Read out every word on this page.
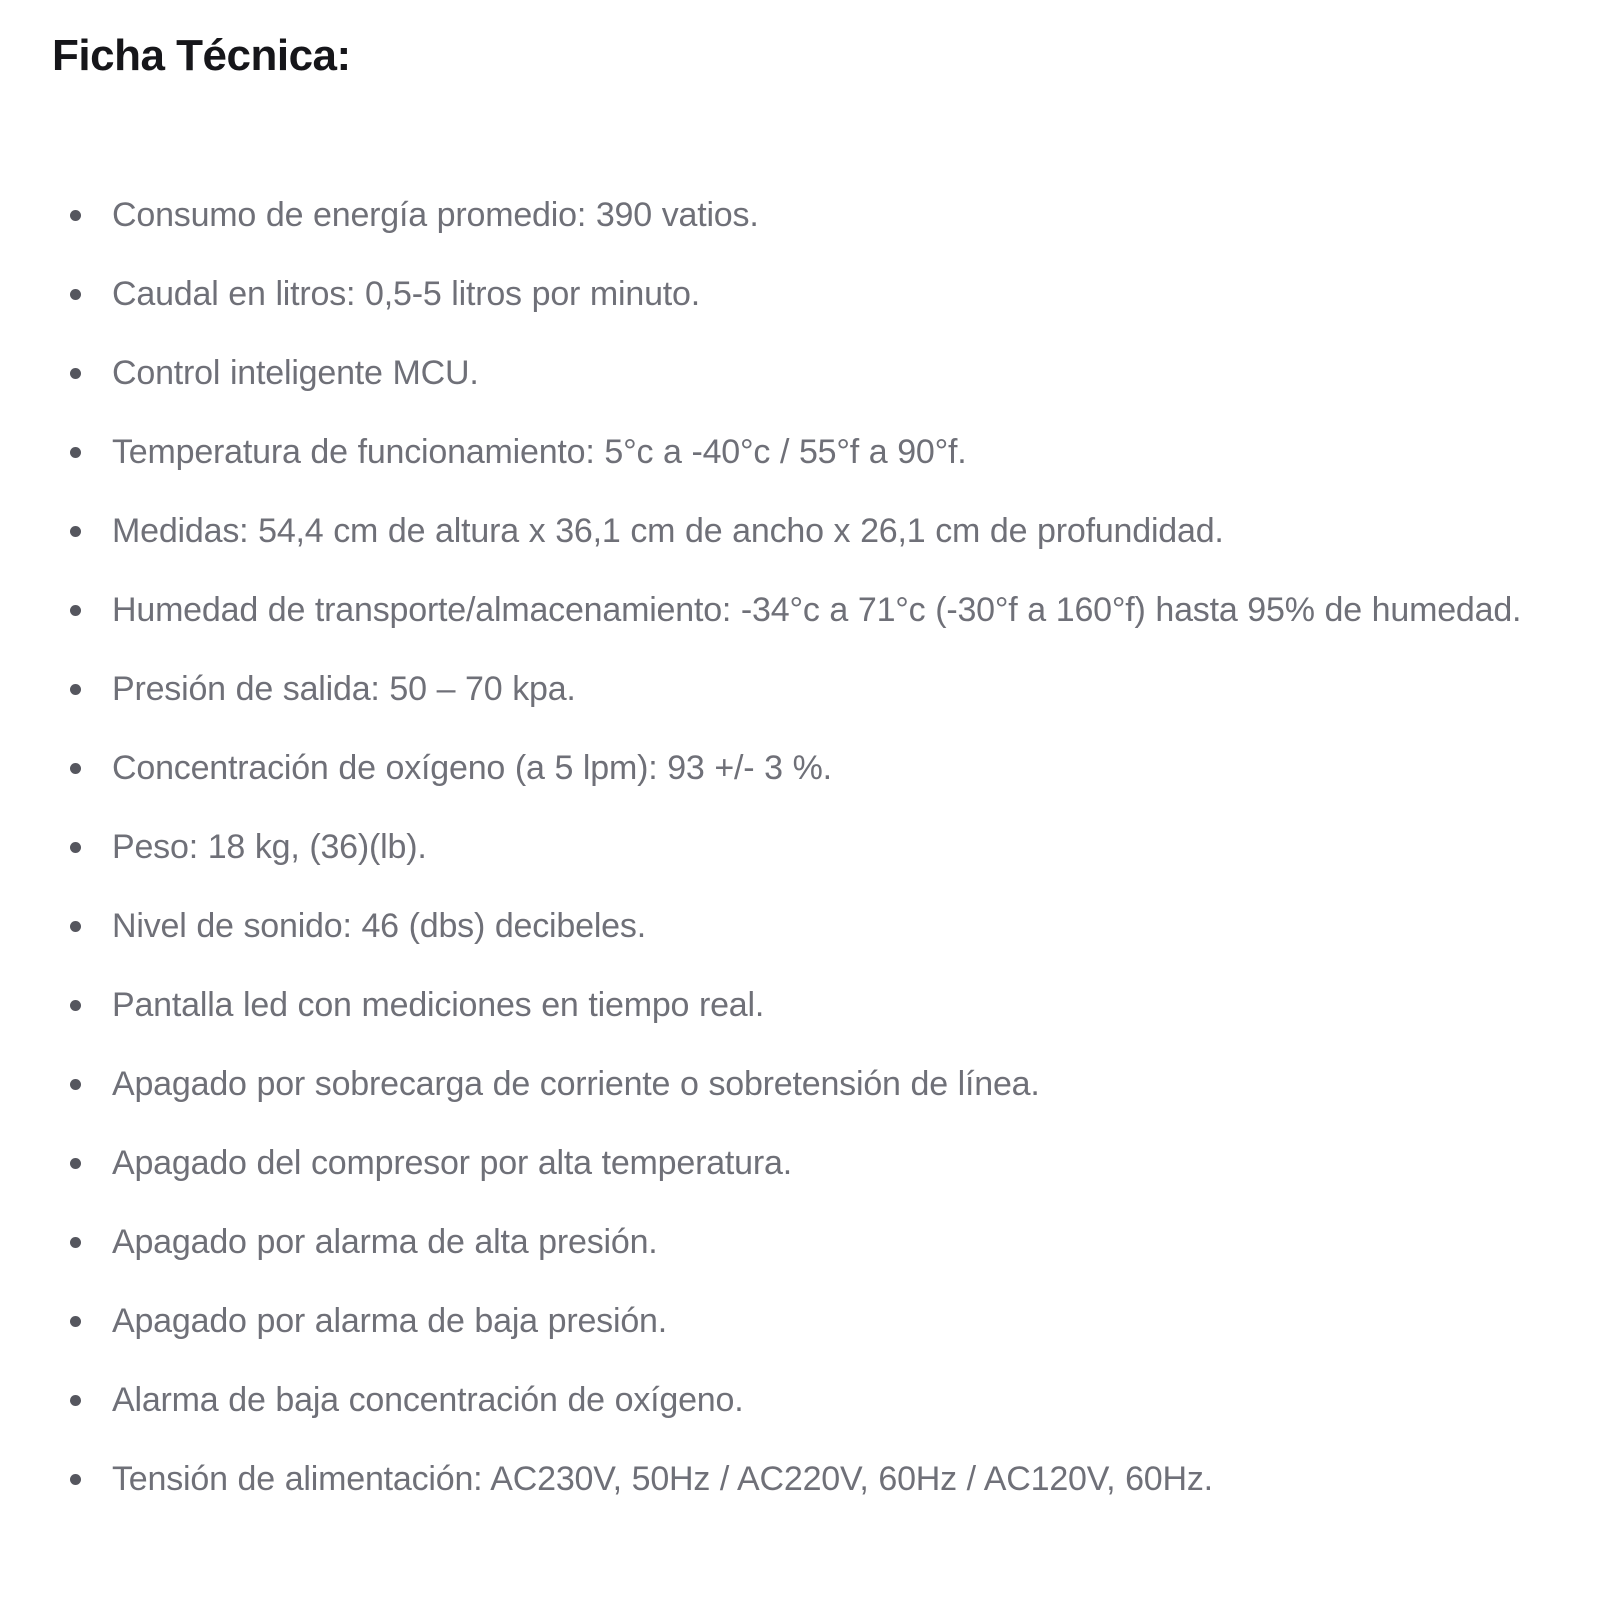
Ficha Técnica:
Consumo de energía promedio: 390 vatios.
Caudal en litros: 0,5-5 litros por minuto.
Control inteligente MCU.
Temperatura de funcionamiento: 5°c a -40°c / 55°f a 90°f.
Medidas: 54,4 cm de altura x 36,1 cm de ancho x 26,1 cm de profundidad.
Humedad de transporte/almacenamiento: -34°c a 71°c (-30°f a 160°f) hasta 95% de humedad.
Presión de salida: 50 – 70 kpa.
Concentración de oxígeno (a 5 lpm): 93 +/- 3 %.
Peso: 18 kg, (36)(lb).
Nivel de sonido: 46 (dbs) decibeles.
Pantalla led con mediciones en tiempo real.
Apagado por sobrecarga de corriente o sobretensión de línea.
Apagado del compresor por alta temperatura.
Apagado por alarma de alta presión.
Apagado por alarma de baja presión.
Alarma de baja concentración de oxígeno.
Tensión de alimentación: AC230V, 50Hz / AC220V, 60Hz / AC120V, 60Hz.
